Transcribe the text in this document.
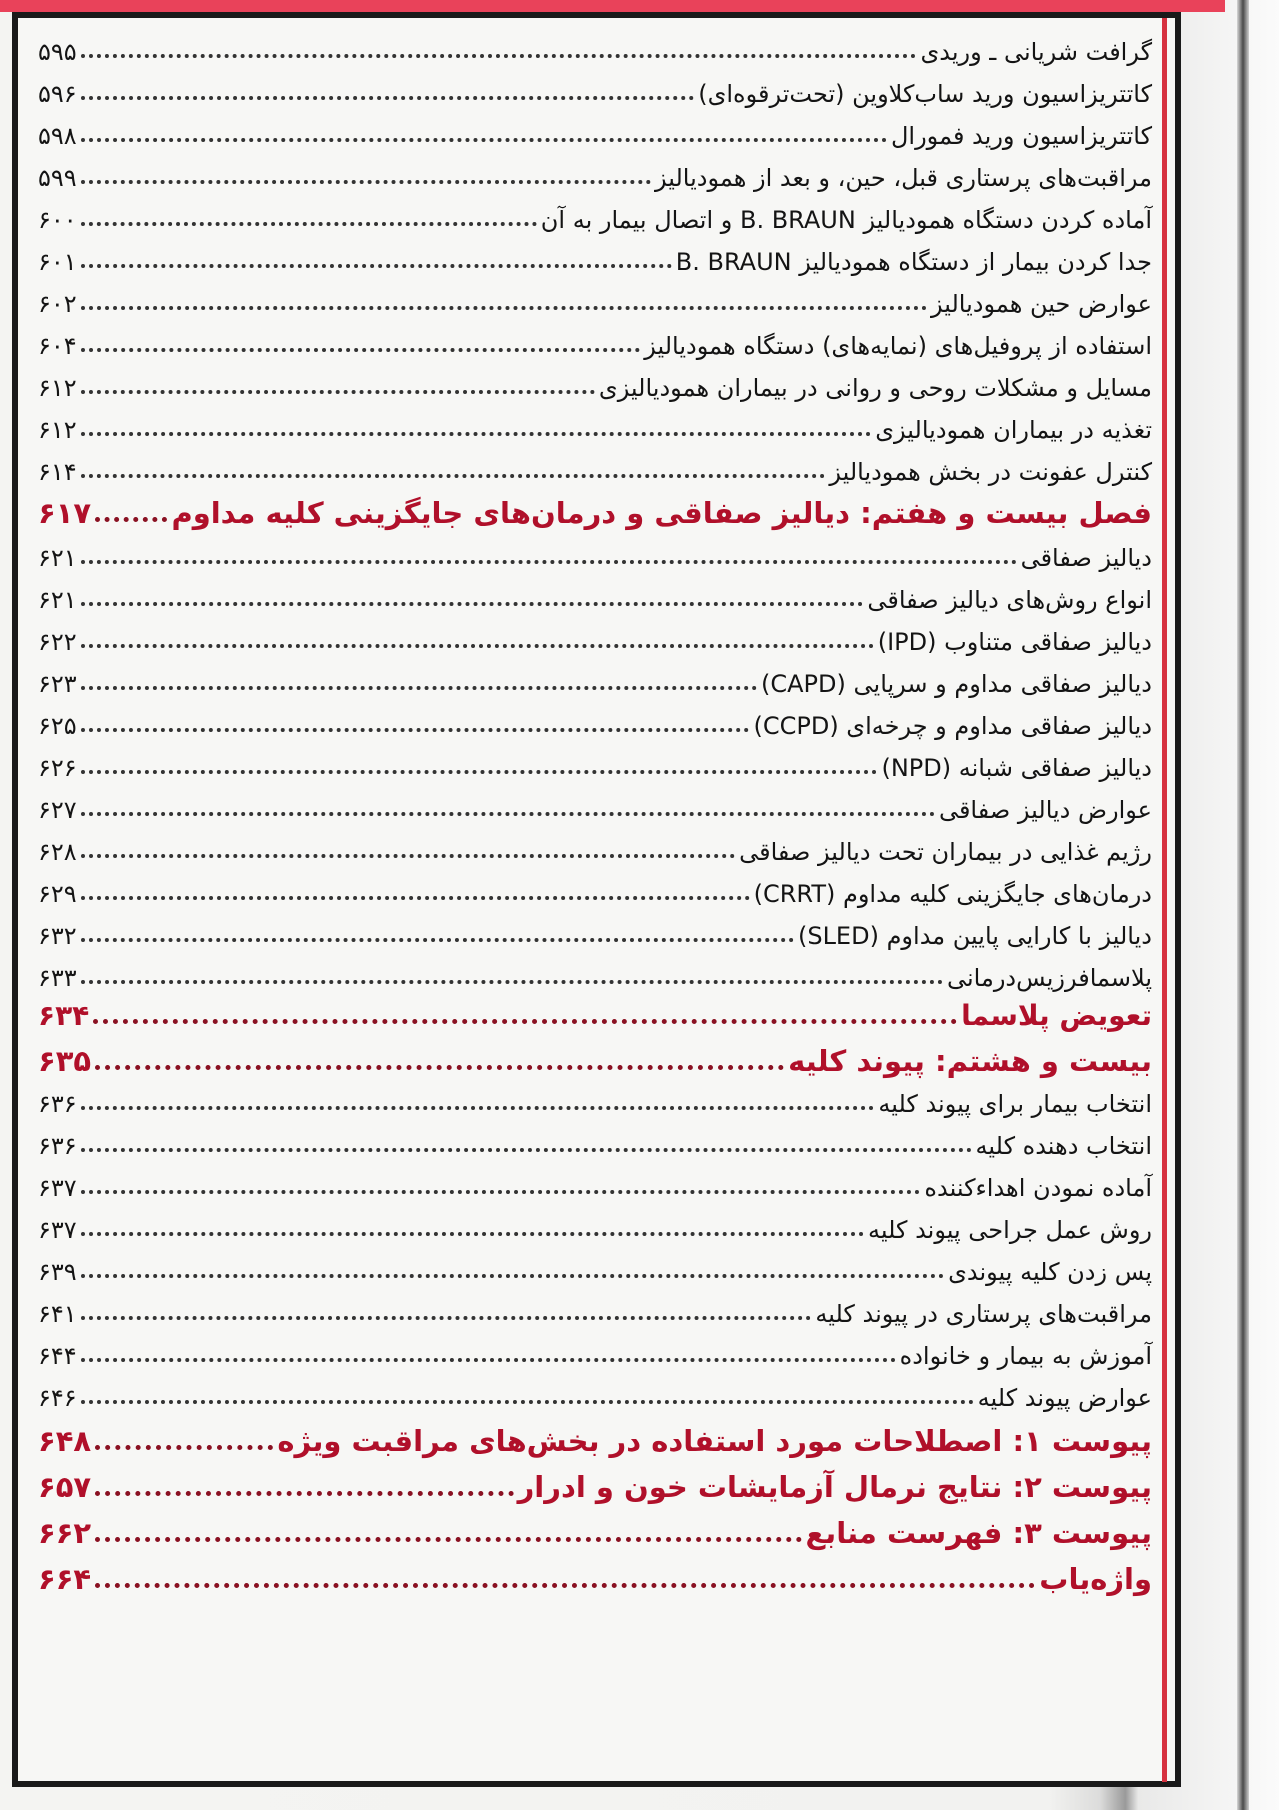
گرافت شریانی ـ وریدی
۵۹۵
کاتتریزاسیون ورید ساب‌کلاوین (تحت‌ترقوه‌ای)
۵۹۶
کاتتریزاسیون ورید فمورال
۵۹۸
مراقبت‌های پرستاری قبل، حین، و بعد از همودیالیز
۵۹۹
آماده کردن دستگاه همودیالیز B. BRAUN و اتصال بیمار به آن
۶۰۰
جدا کردن بیمار از دستگاه همودیالیز B. BRAUN
۶۰۱
عوارض حین همودیالیز
۶۰۲
استفاده از پروفیل‌های (نمایه‌های) دستگاه همودیالیز
۶۰۴
مسایل و مشکلات روحی و روانی در بیماران همودیالیزی
۶۱۲
تغذیه در بیماران همودیالیزی
۶۱۲
کنترل عفونت در بخش همودیالیز
۶۱۴
فصل بیست و هفتم: دیالیز صفاقی و درمان‌های جایگزینی کلیه مداوم
۶۱۷
دیالیز صفاقی
۶۲۱
انواع روش‌های دیالیز صفاقی
۶۲۱
دیالیز صفاقی متناوب (IPD)
۶۲۲
دیالیز صفاقی مداوم و سرپایی (CAPD)
۶۲۳
دیالیز صفاقی مداوم و چرخه‌ای (CCPD)
۶۲۵
دیالیز صفاقی شبانه (NPD)
۶۲۶
عوارض دیالیز صفاقی
۶۲۷
رژیم غذایی در بیماران تحت دیالیز صفاقی
۶۲۸
درمان‌های جایگزینی کلیه مداوم (CRRT)
۶۲۹
دیالیز با کارایی پایین مداوم (SLED)
۶۳۲
پلاسمافرزیس‌درمانی
۶۳۳
تعویض پلاسما
۶۳۴
بیست و هشتم: پیوند کلیه
۶۳۵
انتخاب بیمار برای پیوند کلیه
۶۳۶
انتخاب دهنده کلیه
۶۳۶
آماده نمودن اهداءکننده
۶۳۷
روش عمل جراحی پیوند کلیه
۶۳۷
پس زدن کلیه پیوندی
۶۳۹
مراقبت‌های پرستاری در پیوند کلیه
۶۴۱
آموزش به بیمار و خانواده
۶۴۴
عوارض پیوند کلیه
۶۴۶
پیوست ۱: اصطلاحات مورد استفاده در بخش‌های مراقبت ویژه
۶۴۸
پیوست ۲: نتایج نرمال آزمایشات خون و ادرار
۶۵۷
پیوست ۳: فهرست منابع
۶۶۲
واژه‌یاب
۶۶۴
